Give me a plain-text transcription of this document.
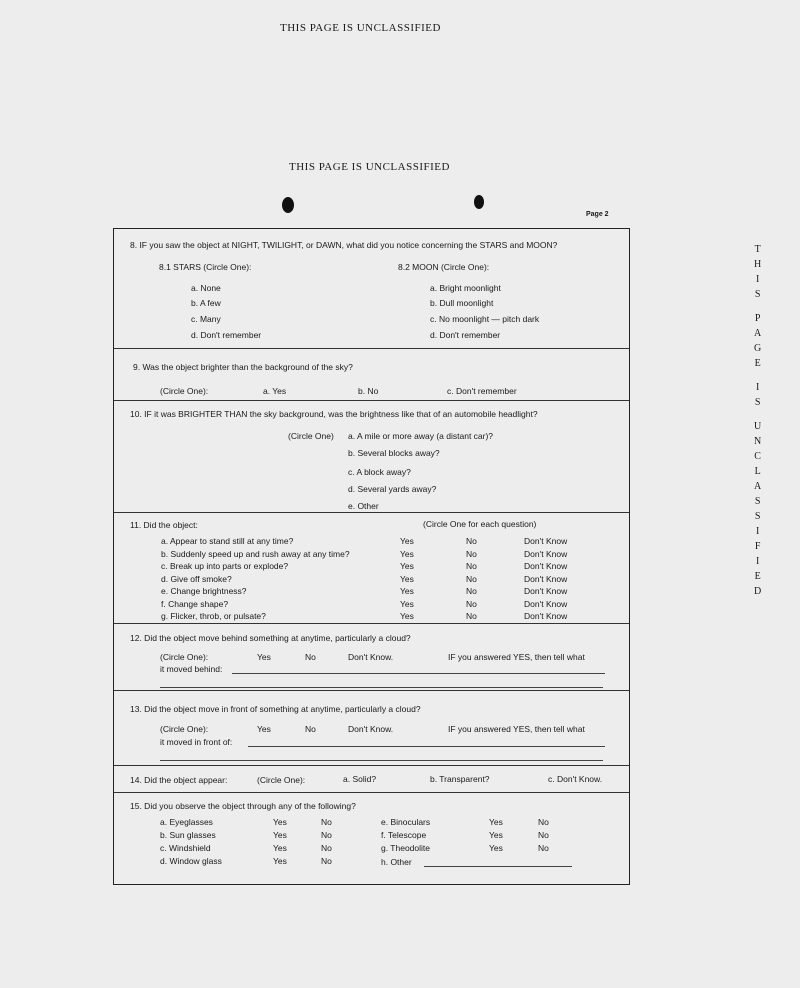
THIS PAGE IS UNCLASSIFIED
THIS PAGE IS UNCLASSIFIED
Page 2
T
H
I
S
P
A
G
E
I
S
U
N
C
L
A
S
S
I
F
I
E
D
8. IF you saw the object at NIGHT, TWILIGHT, or DAWN, what did you notice concerning the STARS and MOON?
8.1 STARS (Circle One):	8.2 MOON (Circle One):
a. None
b. A few
c. Many
d. Don't remember
a. Bright moonlight
b. Dull moonlight
c. No moonlight — pitch dark
d. Don't remember
9. Was the object brighter than the background of the sky?
(Circle One):	a. Yes	b. No	c. Don't remember
10. IF it was BRIGHTER THAN the sky background, was the brightness like that of an automobile headlight?
(Circle One) a. A mile or more away (a distant car)?
b. Several blocks away?
c. A block away?
d. Several yards away?
e. Other
11. Did the object:	(Circle One for each question)
a. Appear to stand still at any time?	Yes	No	Don't Know
b. Suddenly speed up and rush away at any time?	Yes	No	Don't Know
c. Break up into parts or explode?	Yes	No	Don't Know
d. Give off smoke?	Yes	No	Don't Know
e. Change brightness?	Yes	No	Don't Know
f. Change shape?	Yes	No	Don't Know
g. Flicker, throb, or pulsate?	Yes	No	Don't Know
12. Did the object move behind something at anytime, particularly a cloud?
(Circle One):	Yes	No	Don't Know.	IF you answered YES, then tell what
it moved behind:
13. Did the object move in front of something at anytime, particularly a cloud?
(Circle One):	Yes	No	Don't Know.	IF you answered YES, then tell what
it moved in front of:
14. Did the object appear:	(Circle One):	a. Solid?	b. Transparent?	c. Don't Know.
15. Did you observe the object through any of the following?
h. Other
a. Eyeglasses	Yes	No
b. Sun glasses	Yes	No
c. Windshield	Yes	No
d. Window glass	Yes	No
e. Binoculars	Yes	No
f. Telescope	Yes	No
g. Theodolite	Yes	No
